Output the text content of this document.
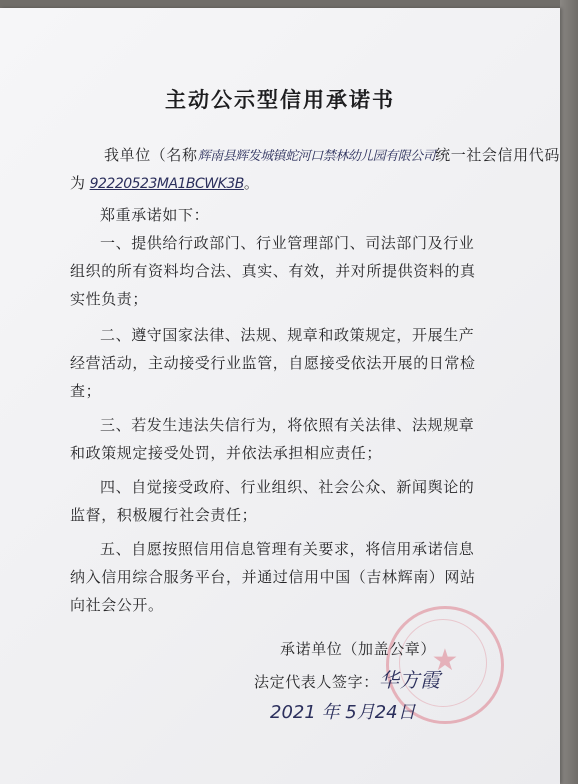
主动公示型信用承诺书
我单位（名称辉南县辉发城镇蛇河口禁林幼儿园有限公司统一社会信用代码
为 92220523MA1BCWK3B。
郑重承诺如下：
一、提供给行政部门、行业管理部门、司法部门及行业
组织的所有资料均合法、真实、有效，并对所提供资料的真
实性负责；
二、遵守国家法律、法规、规章和政策规定，开展生产
经营活动，主动接受行业监管，自愿接受依法开展的日常检
查；
三、若发生违法失信行为，将依照有关法律、法规规章
和政策规定接受处罚，并依法承担相应责任；
四、自觉接受政府、行业组织、社会公众、新闻舆论的
监督，积极履行社会责任；
五、自愿按照信用信息管理有关要求，将信用承诺信息
纳入信用综合服务平台，并通过信用中国（吉林辉南）网站
向社会公开。
★
承诺单位（加盖公章）
法定代表人签字：华方霞
2021 年 5月24日
